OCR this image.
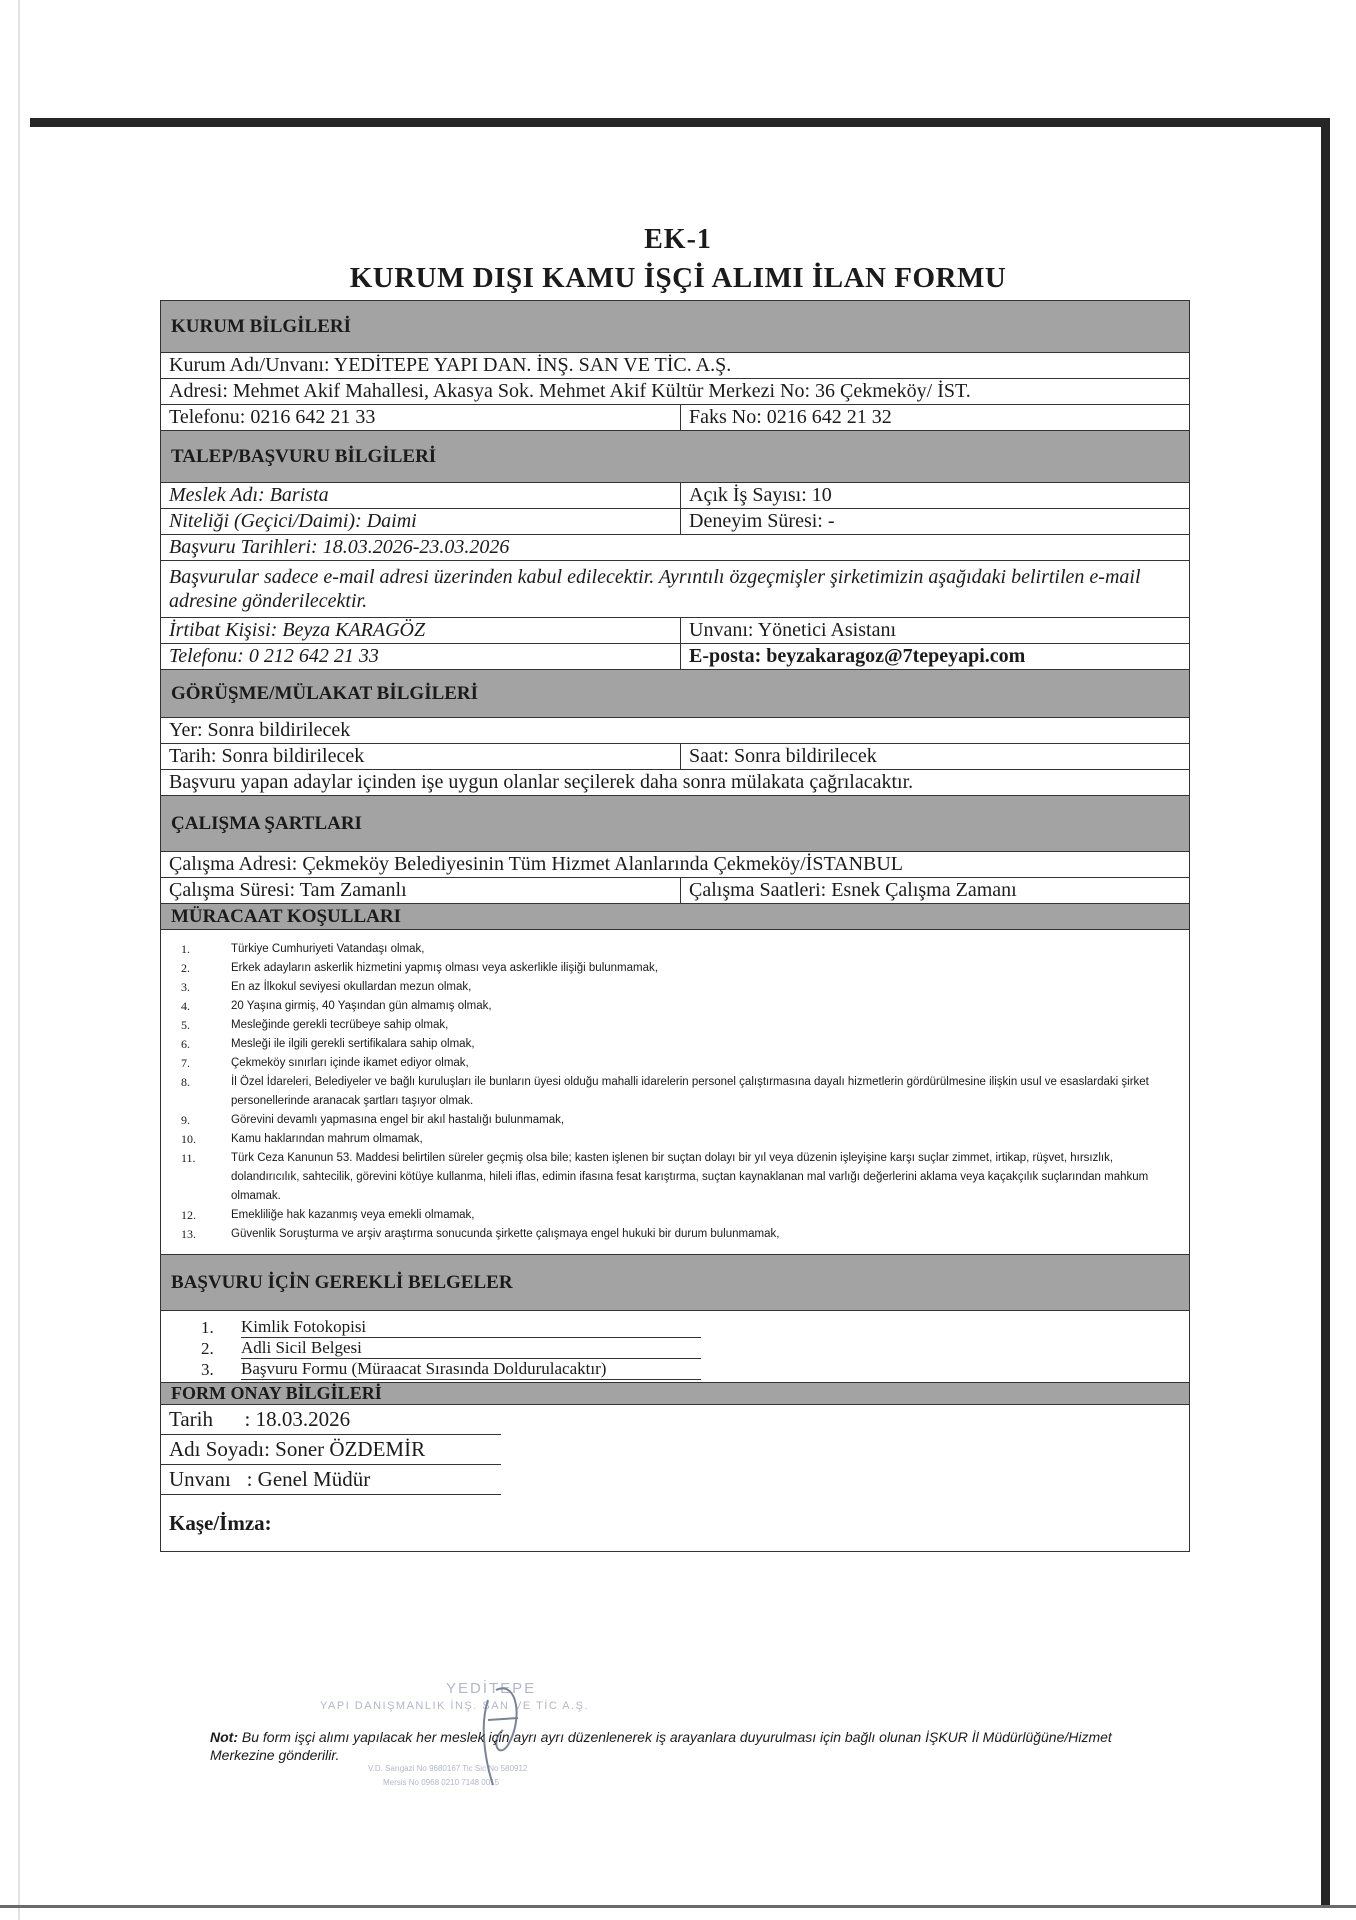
EK-1
KURUM DIŞI KAMU İŞÇİ ALIMI İLAN FORMU
KURUM BİLGİLERİ
Kurum Adı/Unvanı: YEDİTEPE YAPI DAN. İNŞ. SAN VE TİC. A.Ş.
Adresi: Mehmet Akif Mahallesi, Akasya Sok. Mehmet Akif Kültür Merkezi No: 36 Çekmeköy/ İST.
Telefonu: 0216 642 21 33	Faks No: 0216 642 21 32
TALEP/BAŞVURU BİLGİLERİ
Meslek Adı: Barista	Açık İş Sayısı: 10
Niteliği (Geçici/Daimi): Daimi	Deneyim Süresi: -
Başvuru Tarihleri: 18.03.2026-23.03.2026
Başvurular sadece e-mail adresi üzerinden kabul edilecektir. Ayrıntılı özgeçmişler şirketimizin aşağıdaki belirtilen e-mail adresine gönderilecektir.
İrtibat Kişisi: Beyza KARAGÖZ	Unvanı: Yönetici Asistanı
Telefonu: 0 212 642 21 33	E-posta: beyzakaragoz@7tepeyapi.com
GÖRÜŞME/MÜLAKAT BİLGİLERİ
Yer: Sonra bildirilecek
Tarih: Sonra bildirilecek	Saat: Sonra bildirilecek
Başvuru yapan adaylar içinden işe uygun olanlar seçilerek daha sonra mülakata çağrılacaktır.
ÇALIŞMA ŞARTLARI
Çalışma Adresi: Çekmeköy Belediyesinin Tüm Hizmet Alanlarında Çekmeköy/İSTANBUL
Çalışma Süresi: Tam Zamanlı	Çalışma Saatleri: Esnek Çalışma Zamanı
MÜRACAAT KOŞULLARI
1.	Türkiye Cumhuriyeti Vatandaşı olmak,
2.	Erkek adayların askerlik hizmetini yapmış olması veya askerlikle ilişiği bulunmamak,
3.	En az İlkokul seviyesi okullardan mezun olmak,
4.	20 Yaşına girmiş, 40 Yaşından gün almamış olmak,
5.	Mesleğinde gerekli tecrübeye sahip olmak,
6.	Mesleği ile ilgili gerekli sertifikalara sahip olmak,
7.	Çekmeköy sınırları içinde ikamet ediyor olmak,
8.	İl Özel İdareleri, Belediyeler ve bağlı kuruluşları ile bunların üyesi olduğu mahalli idarelerin personel çalıştırmasına dayalı hizmetlerin gördürülmesine ilişkin usul ve esaslardaki şirket personellerinde aranacak şartları taşıyor olmak.
9.	Görevini devamlı yapmasına engel bir akıl hastalığı bulunmamak,
10.	Kamu haklarından mahrum olmamak,
11.	Türk Ceza Kanunun 53. Maddesi belirtilen süreler geçmiş olsa bile; kasten işlenen bir suçtan dolayı bir yıl veya düzenin işleyişine karşı suçlar zimmet, irtikap, rüşvet, hırsızlık, dolandırıcılık, sahtecilik, görevini kötüye kullanma, hileli iflas, edimin ifasına fesat karıştırma, suçtan kaynaklanan mal varlığı değerlerini aklama veya kaçakçılık suçlarından mahkum olmamak.
12.	Emekliliğe hak kazanmış veya emekli olmamak,
13.	Güvenlik Soruşturma ve arşiv araştırma sonucunda şirkette çalışmaya engel hukuki bir durum bulunmamak,
BAŞVURU İÇİN GEREKLİ BELGELER
1.	Kimlik Fotokopisi
2.	Adli Sicil Belgesi
3.	Başvuru Formu (Müraacat Sırasında Doldurulacaktır)
FORM ONAY BİLGİLERİ
Tarih      : 18.03.2026
Adı Soyadı: Soner ÖZDEMİR
Unvanı   : Genel Müdür
Kaşe/İmza:
YEDİTEPE
YAPI DANIŞMANLIK İNŞ. SAN VE TİC A.Ş.
V.D. Sarıgazi No 9680167 Tic Sic No 580912
Mersis No 0968 0210 7148 0015
Not: Bu form işçi alımı yapılacak her meslek için ayrı ayrı düzenlenerek iş arayanlara duyurulması için bağlı olunan İŞKUR İl Müdürlüğüne/Hizmet Merkezine gönderilir.
